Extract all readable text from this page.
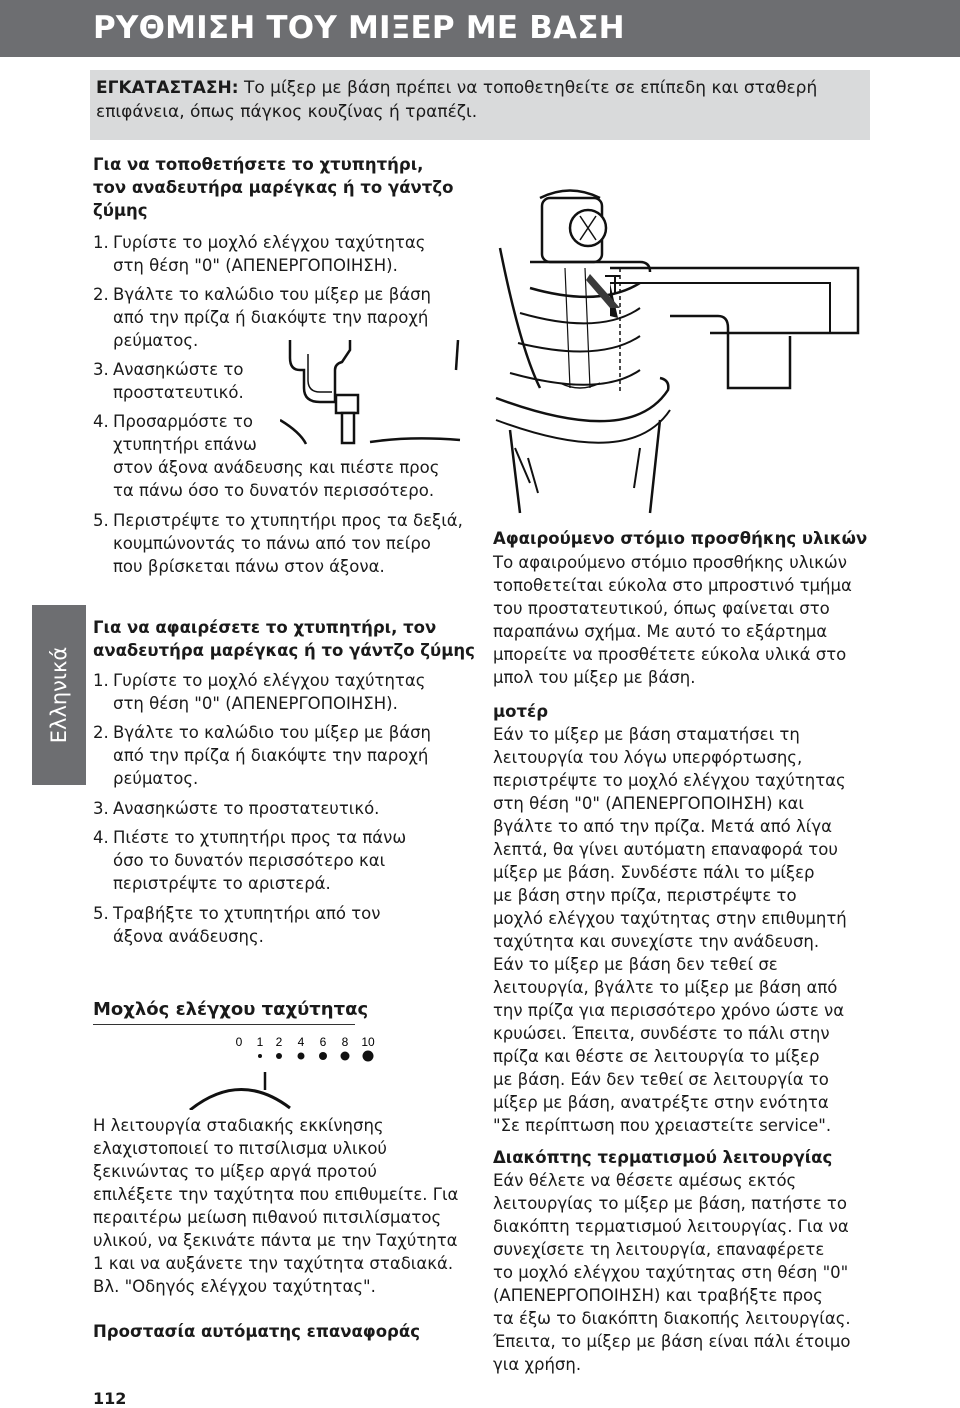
ΡΥΘΜΙΣΗ ΤΟΥ ΜΙΞΕΡ ΜΕ ΒΑΣΗ

ΕΓΚΑΤΑΣΤΑΣΗ: Το μίξερ με βάση πρέπει να τοποθετηθείτε σε επίπεδη και σταθερή

επιφάνεια, όπως πάγκος κουζίνας ή τραπέζι.

Ελληνικά
Για να τοποθετήσετε το χτυπητήρι,
τον αναδευτήρα μαρέγκας ή το γάντζο
ζύμης
1. Γυρίστε το μοχλό ελέγχου ταχύτητας
στη θέση "0" (ΑΠΕΝΕΡΓΟΠΟΙΗΣΗ).
2. Βγάλτε το καλώδιο του μίξερ με βάση
από την πρίζα ή διακόψτε την παροχή
ρεύματος.
3. Ανασηκώστε το
προστατευτικό.
4. Προσαρμόστε το
χτυπητήρι επάνω
στον άξονα ανάδευσης και πιέστε προς
τα πάνω όσο το δυνατόν περισσότερο.
5. Περιστρέψτε το χτυπητήρι προς τα δεξιά,
κουμπώνοντάς το πάνω από τον πείρο
που βρίσκεται πάνω στον άξονα.
Για να αφαιρέσετε το χτυπητήρι, τον
αναδευτήρα μαρέγκας ή το γάντζο ζύμης
1. Γυρίστε το μοχλό ελέγχου ταχύτητας
στη θέση "0" (ΑΠΕΝΕΡΓΟΠΟΙΗΣΗ).
2. Βγάλτε το καλώδιο του μίξερ με βάση
από την πρίζα ή διακόψτε την παροχή
ρεύματος.
3. Ανασηκώστε το προστατευτικό.
4. Πιέστε το χτυπητήρι προς τα πάνω
όσο το δυνατόν περισσότερο και
περιστρέψτε το αριστερά.
5. Τραβήξτε το χτυπητήρι από τον
άξονα ανάδευσης.
Μοχλός ελέγχου ταχύτητας
0 1 2 4 6 8 10
Η λειτουργία σταδιακής εκκίνησης
ελαχιστοποιεί το πιτσίλισμα υλικού
ξεκινώντας το μίξερ αργά προτού
επιλέξετε την ταχύτητα που επιθυμείτε. Για
περαιτέρω μείωση πιθανού πιτσιλίσματος
υλικού, να ξεκινάτε πάντα με την Ταχύτητα
1 και να αυξάνετε την ταχύτητα σταδιακά.
Βλ. "Οδηγός ελέγχου ταχύτητας".
Προστασία αυτόματης επαναφοράς
Αφαιρούμενο στόμιο προσθήκης υλικών
Το αφαιρούμενο στόμιο προσθήκης υλικών
τοποθετείται εύκολα στο μπροστινό τμήμα
του προστατευτικού, όπως φαίνεται στο
παραπάνω σχήμα. Με αυτό το εξάρτημα
μπορείτε να προσθέτετε εύκολα υλικά στο
μπολ του μίξερ με βάση.
μοτέρ
Εάν το μίξερ με βάση σταματήσει τη
λειτουργία του λόγω υπερφόρτωσης,
περιστρέψτε το μοχλό ελέγχου ταχύτητας
στη θέση "0" (ΑΠΕΝΕΡΓΟΠΟΙΗΣΗ) και
βγάλτε το από την πρίζα. Μετά από λίγα
λεπτά, θα γίνει αυτόματη επαναφορά του
μίξερ με βάση. Συνδέστε πάλι το μίξερ
με βάση στην πρίζα, περιστρέψτε το
μοχλό ελέγχου ταχύτητας στην επιθυμητή
ταχύτητα και συνεχίστε την ανάδευση.
Εάν το μίξερ με βάση δεν τεθεί σε
λειτουργία, βγάλτε το μίξερ με βάση από
την πρίζα για περισσότερο χρόνο ώστε να
κρυώσει. Έπειτα, συνδέστε το πάλι στην
πρίζα και θέστε σε λειτουργία το μίξερ
με βάση. Εάν δεν τεθεί σε λειτουργία το
μίξερ με βάση, ανατρέξτε στην ενότητα
"Σε περίπτωση που χρειαστείτε service".
Διακόπτης τερματισμού λειτουργίας
Εάν θέλετε να θέσετε αμέσως εκτός
λειτουργίας το μίξερ με βάση, πατήστε το
διακόπτη τερματισμού λειτουργίας. Για να
συνεχίσετε τη λειτουργία, επαναφέρετε
το μοχλό ελέγχου ταχύτητας στη θέση "0"
(ΑΠΕΝΕΡΓΟΠΟΙΗΣΗ) και τραβήξτε προς
τα έξω το διακόπτη διακοπής λειτουργίας.
Έπειτα, το μίξερ με βάση είναι πάλι έτοιμο
για χρήση.
112
